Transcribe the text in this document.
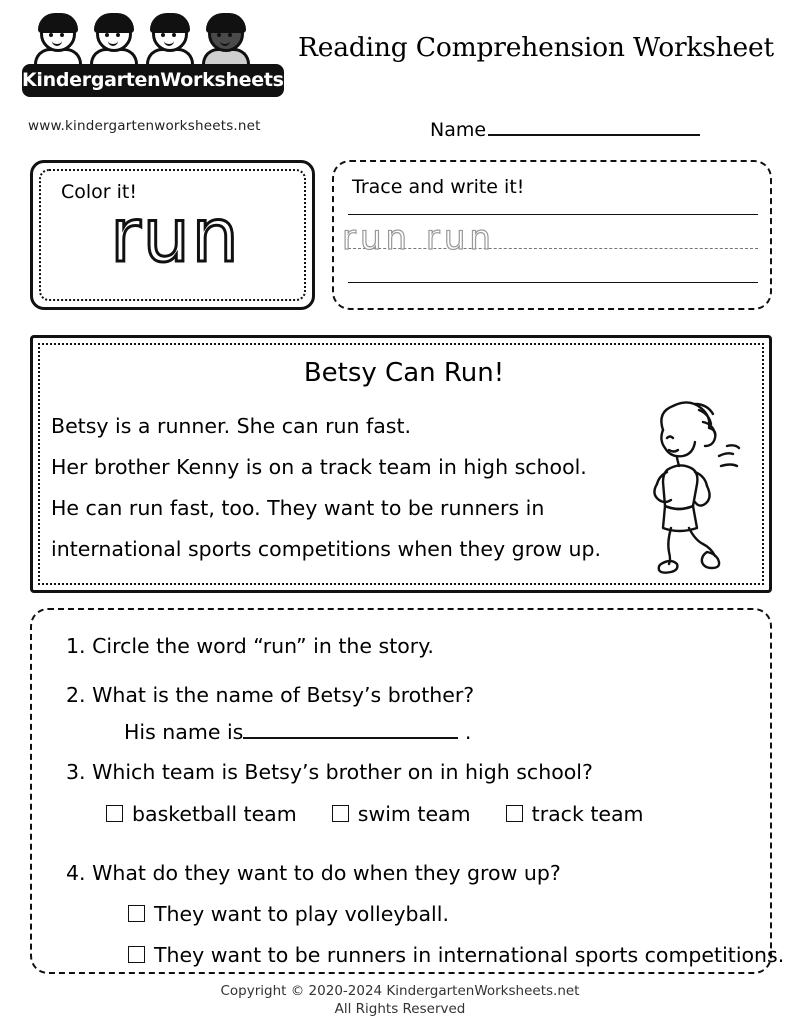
KindergartenWorksheets.net
www.kindergartenworksheets.net
Reading Comprehension Worksheet
Name
Color it!
run
Trace and write it!
run run
Betsy Can Run!

Betsy is a runner. She can run fast.

Her brother Kenny is on a track team in high school.

He can run fast, too. They want to be runners in

international sports competitions when they grow up.

1. Circle the word “run” in the story.
2. What is the name of Betsy’s brother?
His name is	.
3. Which team is Betsy’s brother on in high school?
basketball team	swim team	track team
4. What do they want to do when they grow up?
They want to play volleyball.
They want to be runners in international sports competitions.
Copyright © 2020-2024 KindergartenWorksheets.net
All Rights Reserved
